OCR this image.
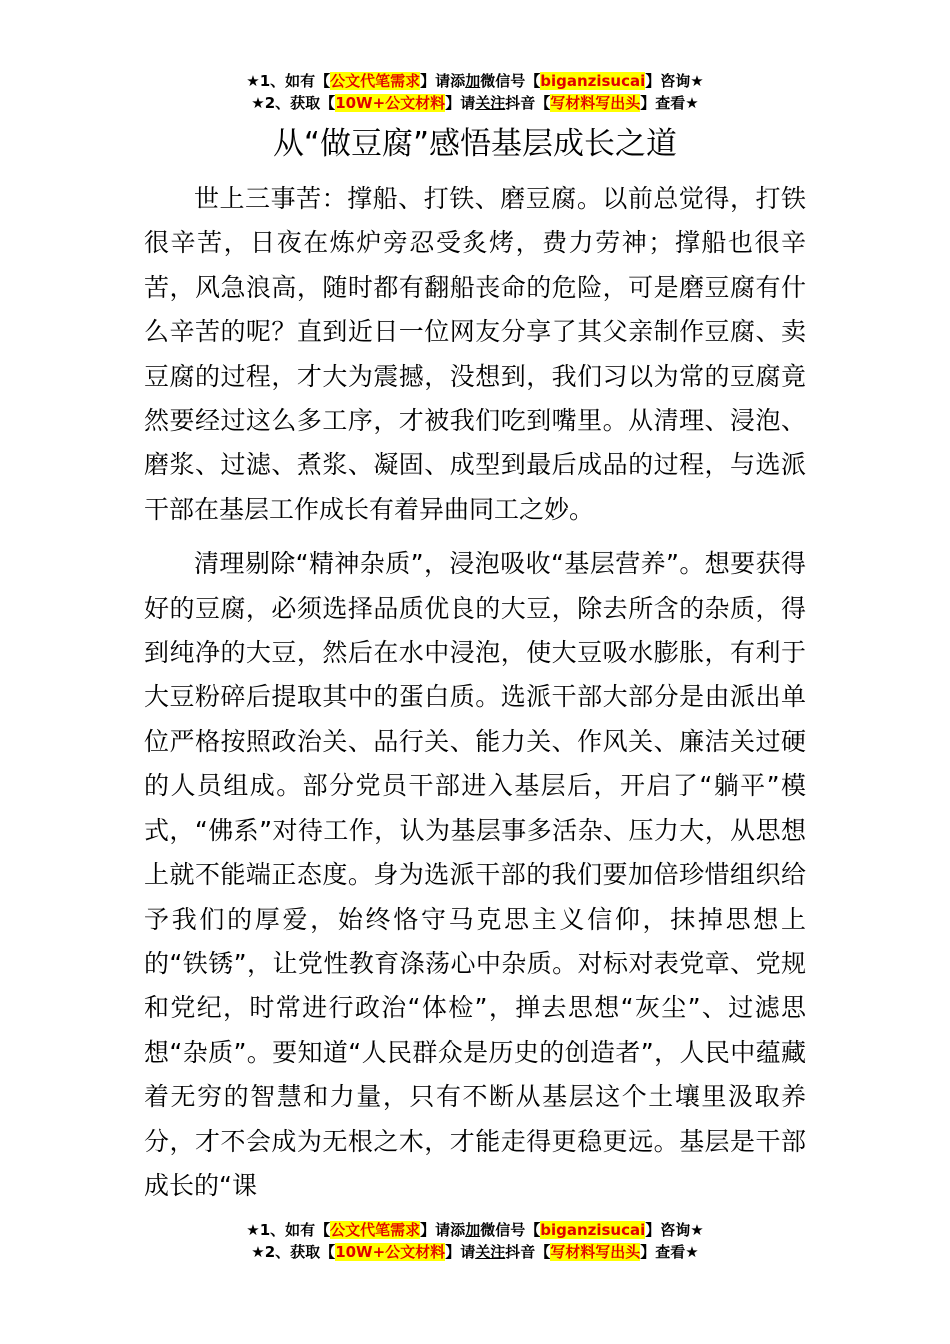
★1、如有【公文代笔需求】请添加微信号【biganzisucai】咨询★
★2、获取【10W+公文材料】请关注抖音【写材料写出头】查看★
从“做豆腐”感悟基层成长之道

世上三事苦：撑船、打铁、磨豆腐。以前总觉得，打铁很辛苦，日夜在炼炉旁忍受炙烤，费力劳神；撑船也很辛苦，风急浪高，随时都有翻船丧命的危险，可是磨豆腐有什么辛苦的呢？直到近日一位网友分享了其父亲制作豆腐、卖豆腐的过程，才大为震撼，没想到，我们习以为常的豆腐竟然要经过这么多工序，才被我们吃到嘴里。从清理、浸泡、磨浆、过滤、煮浆、凝固、成型到最后成品的过程，与选派干部在基层工作成长有着异曲同工之妙。

清理剔除“精神杂质”，浸泡吸收“基层营养”。想要获得好的豆腐，必须选择品质优良的大豆，除去所含的杂质，得到纯净的大豆，然后在水中浸泡，使大豆吸水膨胀，有利于大豆粉碎后提取其中的蛋白质。选派干部大部分是由派出单位严格按照政治关、品行关、能力关、作风关、廉洁关过硬的人员组成。部分党员干部进入基层后，开启了“躺平”模式，“佛系”对待工作，认为基层事多活杂、压力大，从思想上就不能端正态度。身为选派干部的我们要加倍珍惜组织给予我们的厚爱，始终恪守马克思主义信仰，抹掉思想上的“铁锈”，让党性教育涤荡心中杂质。对标对表党章、党规和党纪，时常进行政治“体检”，掸去思想“灰尘”、过滤思想“杂质”。要知道“人民群众是历史的创造者”，人民中蕴藏着无穷的智慧和力量，只有不断从基层这个土壤里汲取养分，才不会成为无根之木，才能走得更稳更远。基层是干部成长的“课

★1、如有【公文代笔需求】请添加微信号【biganzisucai】咨询★
★2、获取【10W+公文材料】请关注抖音【写材料写出头】查看★
